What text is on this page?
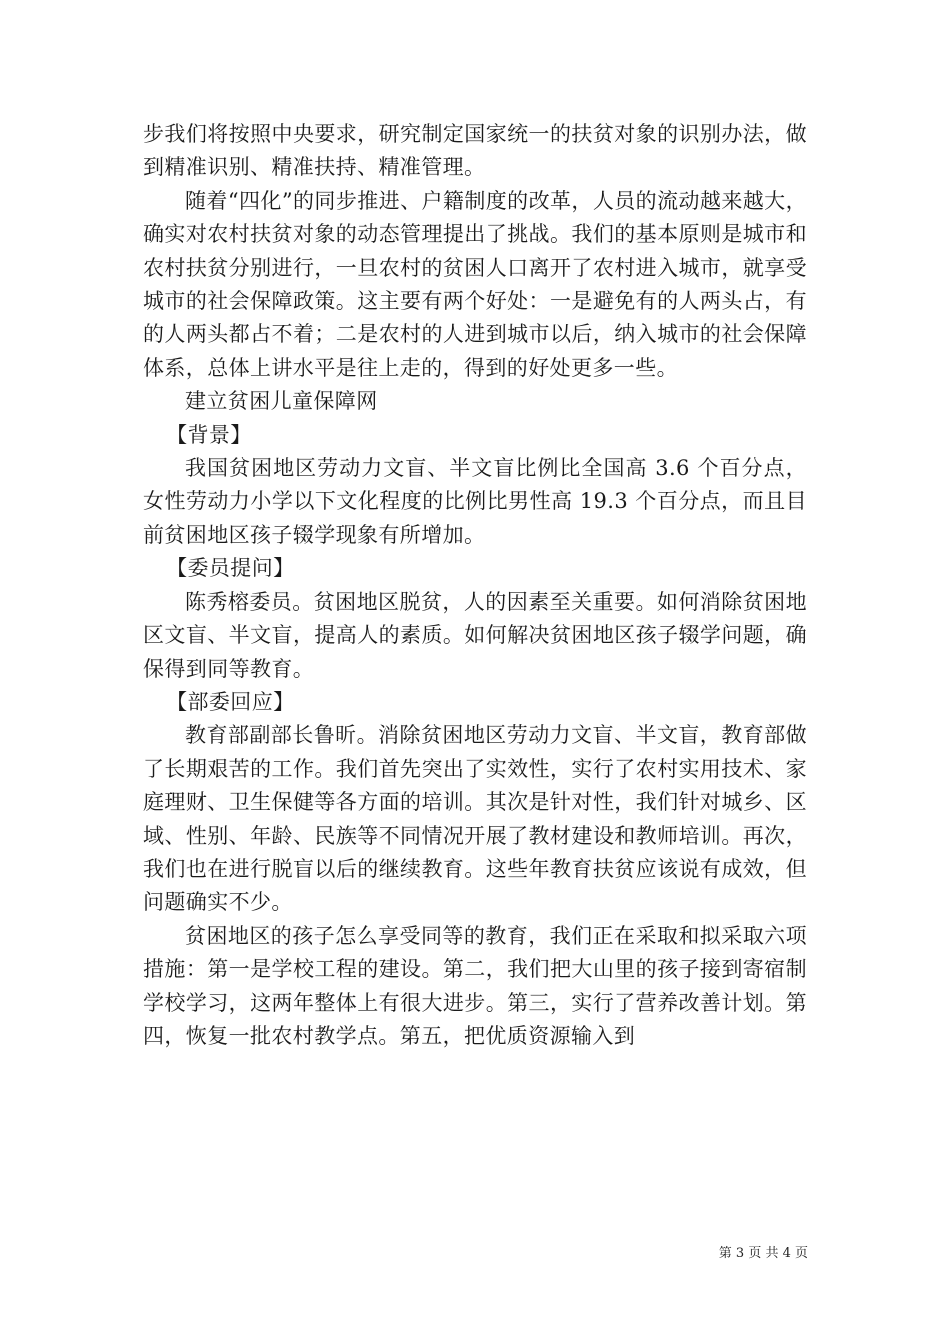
步我们将按照中央要求，研究制定国家统一的扶贫对象的识别办法，做到精准识别、精准扶持、精准管理。

随着“四化”的同步推进、户籍制度的改革，人员的流动越来越大，确实对农村扶贫对象的动态管理提出了挑战。我们的基本原则是城市和农村扶贫分别进行，一旦农村的贫困人口离开了农村进入城市，就享受城市的社会保障政策。这主要有两个好处：一是避免有的人两头占，有的人两头都占不着；二是农村的人进到城市以后，纳入城市的社会保障体系，总体上讲水平是往上走的，得到的好处更多一些。

建立贫困儿童保障网

【背景】

我国贫困地区劳动力文盲、半文盲比例比全国高 3.6 个百分点，女性劳动力小学以下文化程度的比例比男性高 19.3 个百分点，而且目前贫困地区孩子辍学现象有所增加。

【委员提问】

陈秀榕委员。贫困地区脱贫，人的因素至关重要。如何消除贫困地区文盲、半文盲，提高人的素质。如何解决贫困地区孩子辍学问题，确保得到同等教育。

【部委回应】

教育部副部长鲁昕。消除贫困地区劳动力文盲、半文盲，教育部做了长期艰苦的工作。我们首先突出了实效性，实行了农村实用技术、家庭理财、卫生保健等各方面的培训。其次是针对性，我们针对城乡、区域、性别、年龄、民族等不同情况开展了教材建设和教师培训。再次，我们也在进行脱盲以后的继续教育。这些年教育扶贫应该说有成效，但问题确实不少。

贫困地区的孩子怎么享受同等的教育，我们正在采取和拟采取六项措施：第一是学校工程的建设。第二，我们把大山里的孩子接到寄宿制学校学习，这两年整体上有很大进步。第三，实行了营养改善计划。第四，恢复一批农村教学点。第五，把优质资源输入到

第 3 页 共 4 页
